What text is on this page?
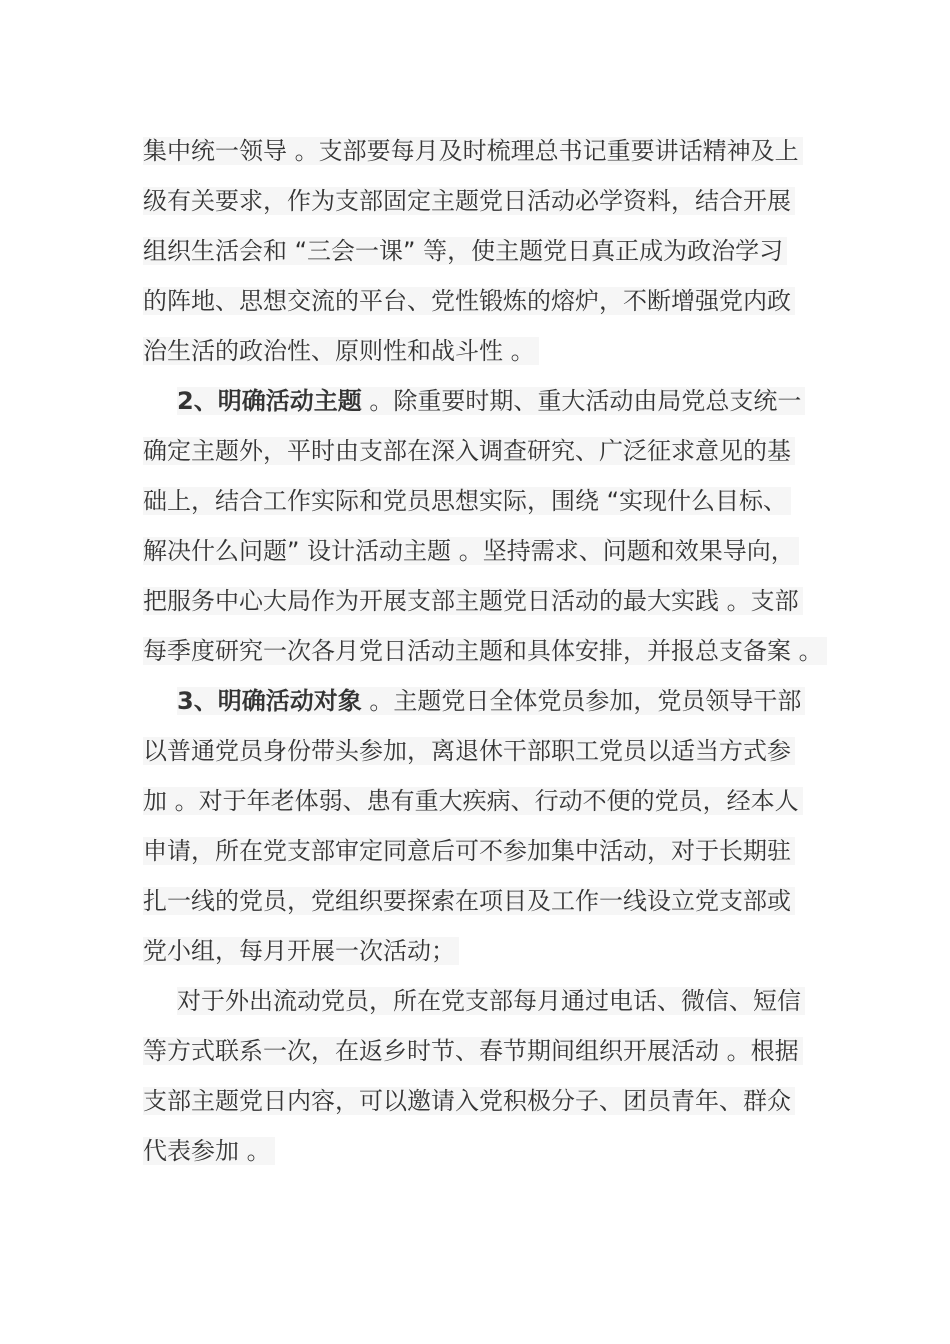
集中统一领导 。支部要每月及时梳理总书记重要讲话精神及上
级有关要求，作为支部固定主题党日活动必学资料，结合开展
组织生活会和 “三会一课” 等，使主题党日真正成为政治学习
的阵地、思想交流的平台、党性锻炼的熔炉，不断增强党内政
治生活的政治性、原则性和战斗性 。
2、明确活动主题 。除重要时期、重大活动由局党总支统一
确定主题外，平时由支部在深入调查研究、广泛征求意见的基
础上，结合工作实际和党员思想实际，围绕 “实现什么目标、
解决什么问题” 设计活动主题 。坚持需求、问题和效果导向，
把服务中心大局作为开展支部主题党日活动的最大实践 。支部
每季度研究一次各月党日活动主题和具体安排，并报总支备案 。
3、明确活动对象 。主题党日全体党员参加，党员领导干部
以普通党员身份带头参加，离退休干部职工党员以适当方式参
加 。对于年老体弱、患有重大疾病、行动不便的党员，经本人
申请，所在党支部审定同意后可不参加集中活动，对于长期驻
扎一线的党员，党组织要探索在项目及工作一线设立党支部或
党小组，每月开展一次活动；
对于外出流动党员，所在党支部每月通过电话、微信、短信
等方式联系一次，在返乡时节、春节期间组织开展活动 。根据
支部主题党日内容，可以邀请入党积极分子、团员青年、群众
代表参加 。
